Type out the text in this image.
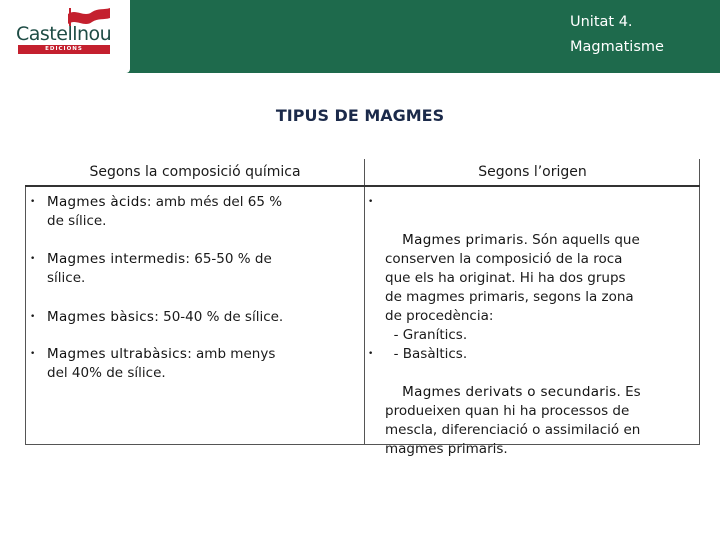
Castellnou
EDICIONS
Unitat 4.
Magmatisme
TIPUS DE MAGMES
Segons la composició química	Segons l’origen
• Magmes àcids: amb més del 65 %
de sílice.
• Magmes intermedis: 65-50 % de
sílice.
• Magmes bàsics: 50-40 % de sílice.
• Magmes ultrabàsics: amb menys
del 40% de sílice.

•

Magmes primaris. Són aquells que
conserven la composició de la roca
que els ha originat. Hi ha dos grups
de magmes primaris, segons la zona
de procedència:
- Granítics.
- Basàltics.

•

Magmes derivats o secundaris. Es
produeixen quan hi ha processos de
mescla, diferenciació o assimilació en
magmes primaris.
